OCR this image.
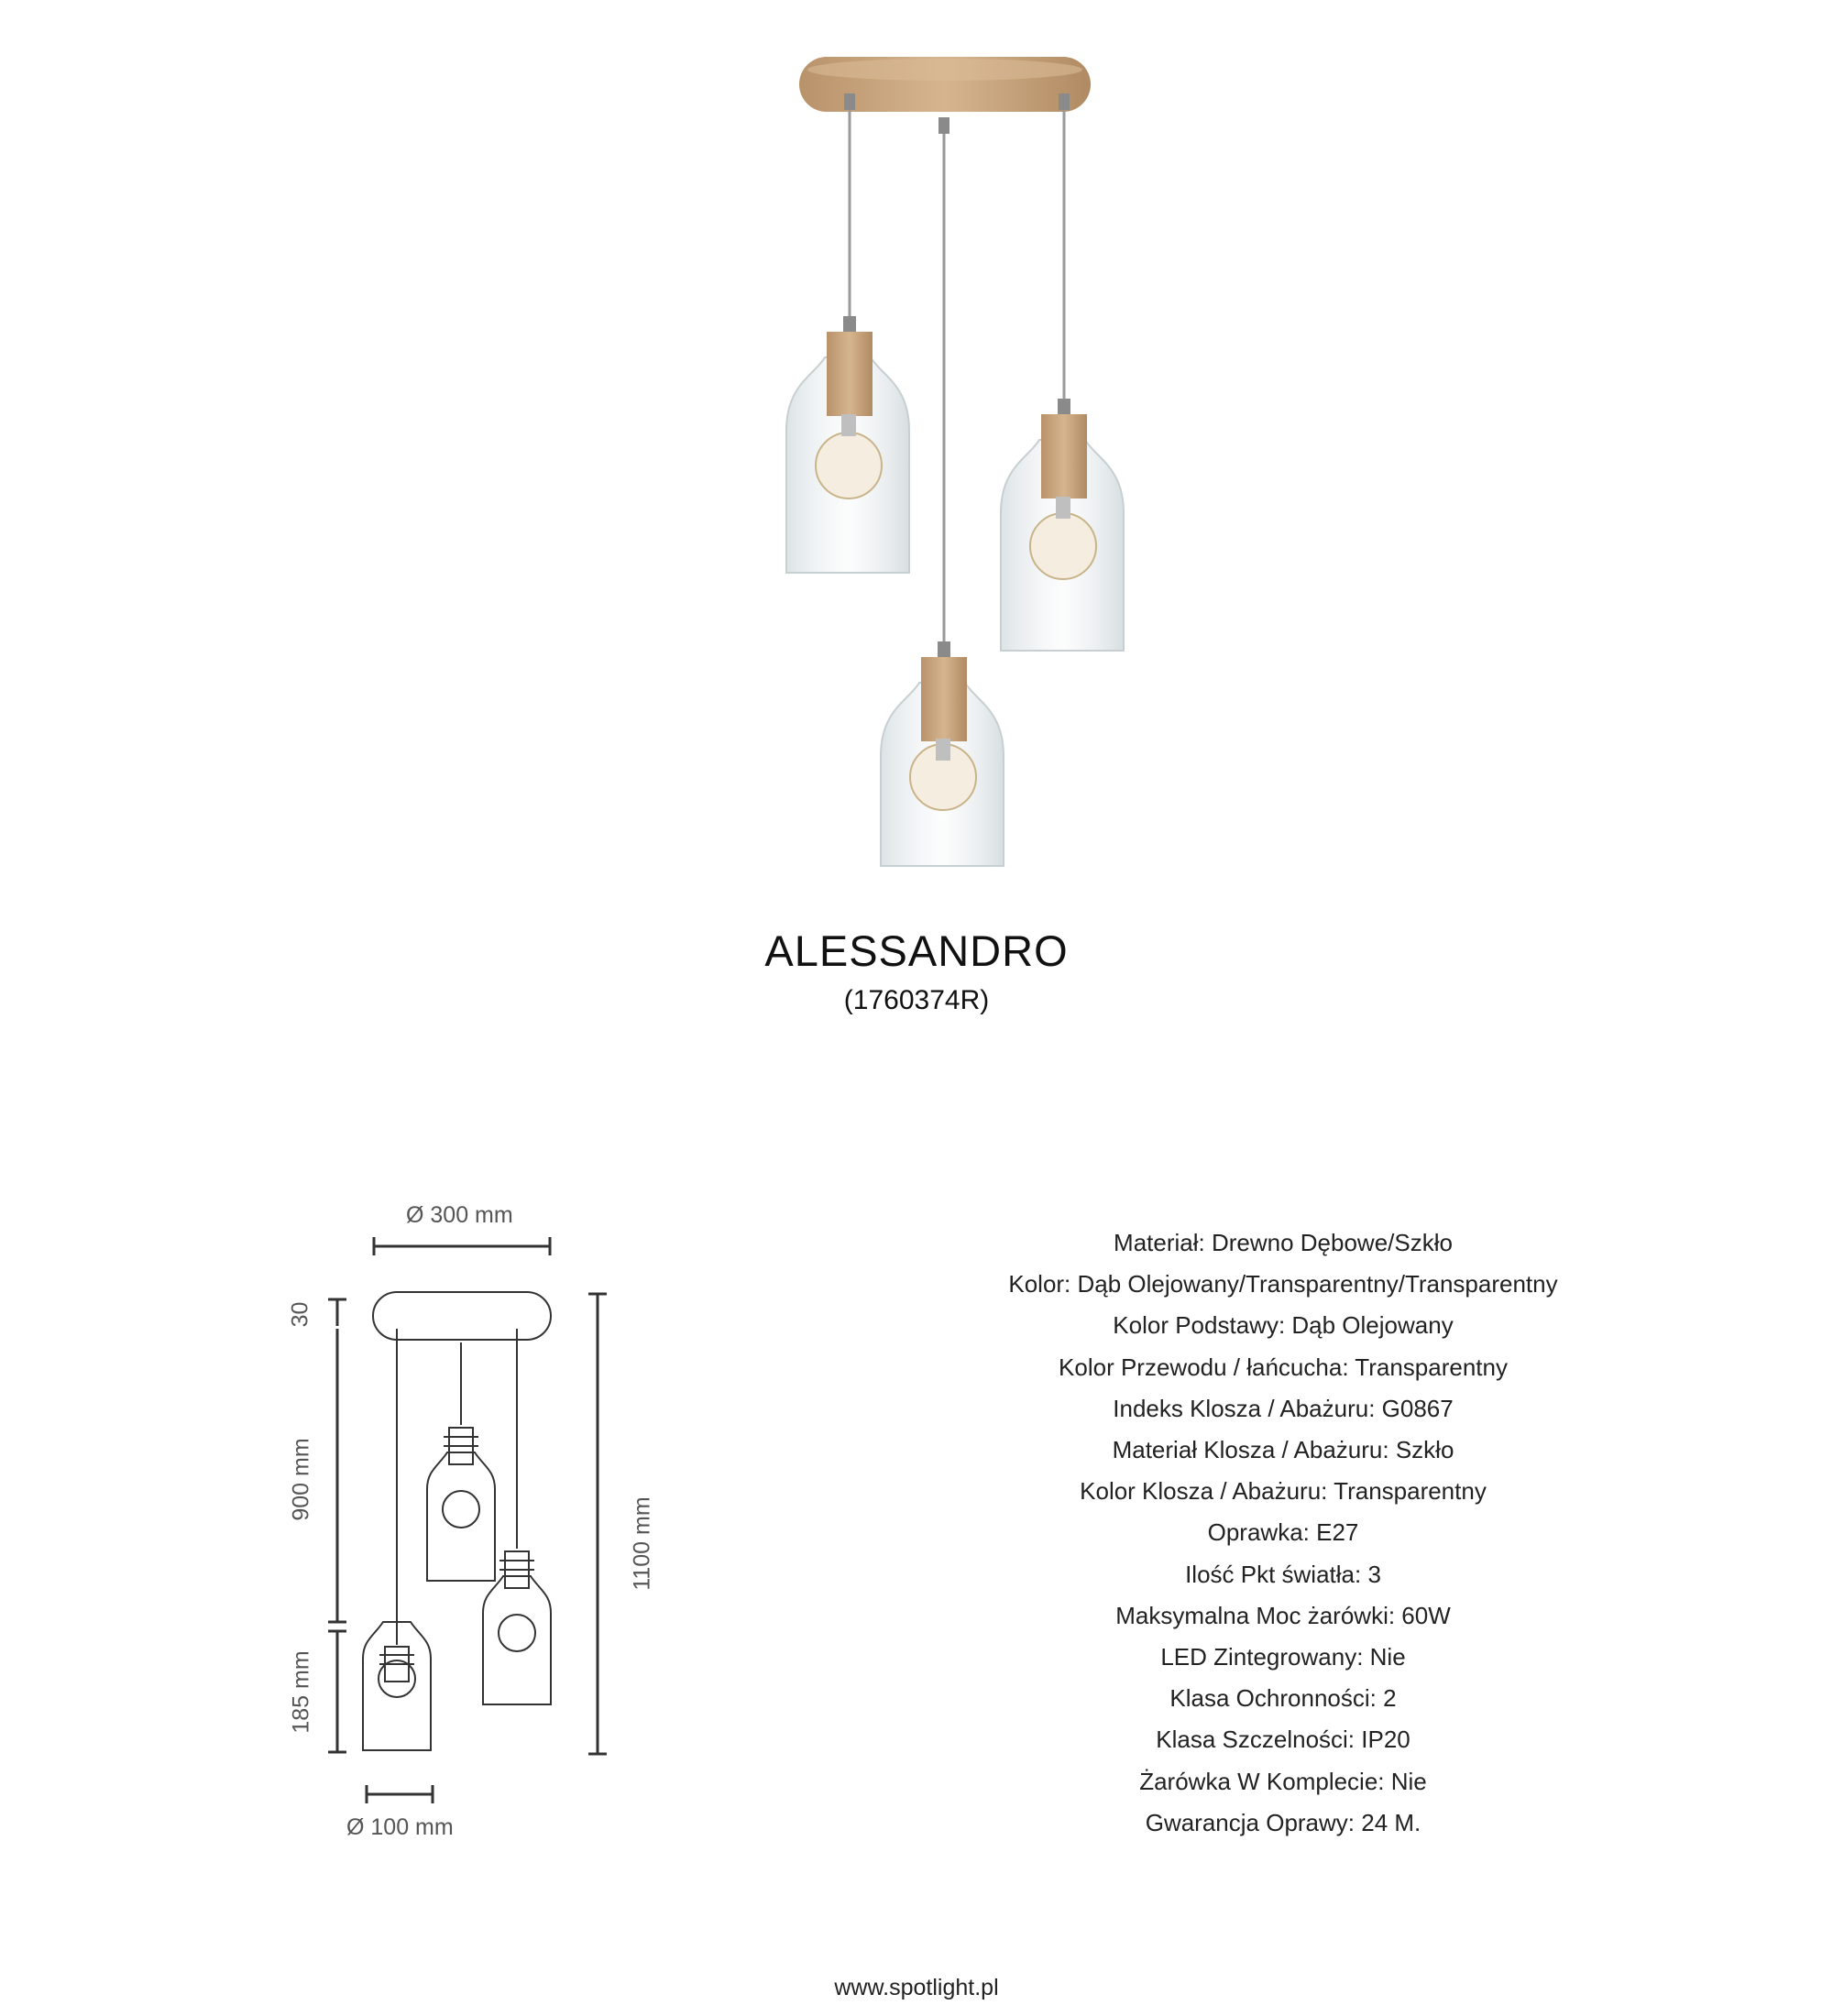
ALESSANDRO
(1760374R)
Ø 300 mm
30
900 mm
185 mm
1100 mm
Ø 100 mm
Materiał: Drewno Dębowe/Szkło
Kolor: Dąb Olejowany/Transparentny/Transparentny
Kolor Podstawy: Dąb Olejowany
Kolor Przewodu / łańcucha: Transparentny
Indeks Klosza / Abażuru: G0867
Materiał Klosza / Abażuru: Szkło
Kolor Klosza / Abażuru: Transparentny
Oprawka: E27
Ilość Pkt światła: 3
Maksymalna Moc żarówki: 60W
LED Zintegrowany: Nie
Klasa Ochronności: 2
Klasa Szczelności: IP20
Żarówka W Komplecie: Nie
Gwarancja Oprawy: 24 M.
www.spotlight.pl
